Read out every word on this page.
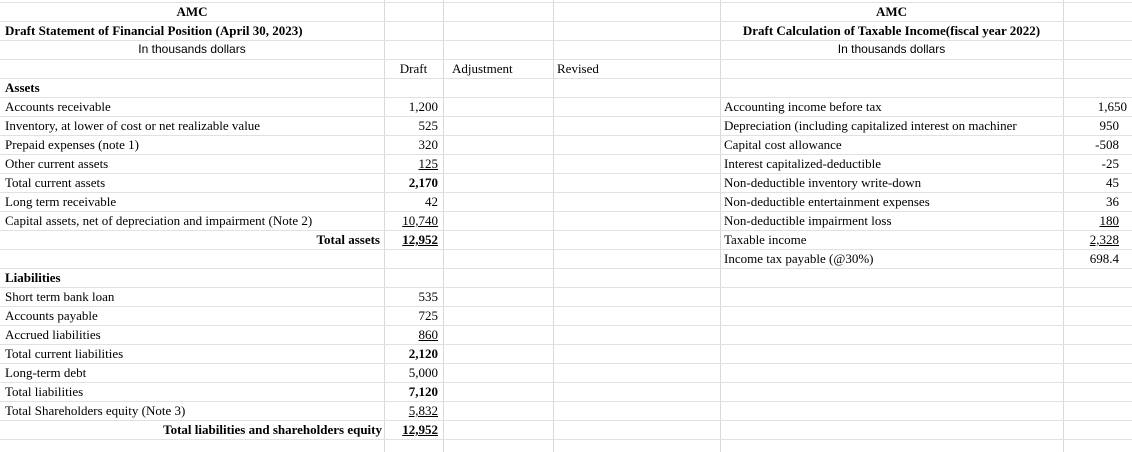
AMC
Draft Statement of Financial Position (April 30, 2023)
In thousands dollars
Draft	Adjustment	Revised
Assets
Accounts receivable	1,200
Inventory, at lower of cost or net realizable value	525
Prepaid expenses (note 1)	320
Other current assets	125
Total current assets	2,170
Long term receivable	42
Capital assets, net of depreciation and impairment (Note 2)	10,740
Total assets	12,952
Liabilities
Short term bank loan	535
Accounts payable	725
Accrued liabilities	860
Total current liabilities	2,120
Long-term debt	5,000
Total liabilities	7,120
Total Shareholders equity (Note 3)	5,832
Total liabilities and shareholders equity	12,952
AMC
Draft Calculation of Taxable Income(fiscal year 2022)
In thousands dollars
Accounting income before tax	1,650
Depreciation (including capitalized interest on machiner	950
Capital cost allowance	-508
Interest capitalized-deductible	-25
Non-deductible inventory write-down	45
Non-deductible entertainment expenses	36
Non-deductible impairment loss	180
Taxable income	2,328
Income tax payable (@30%)	698.4
